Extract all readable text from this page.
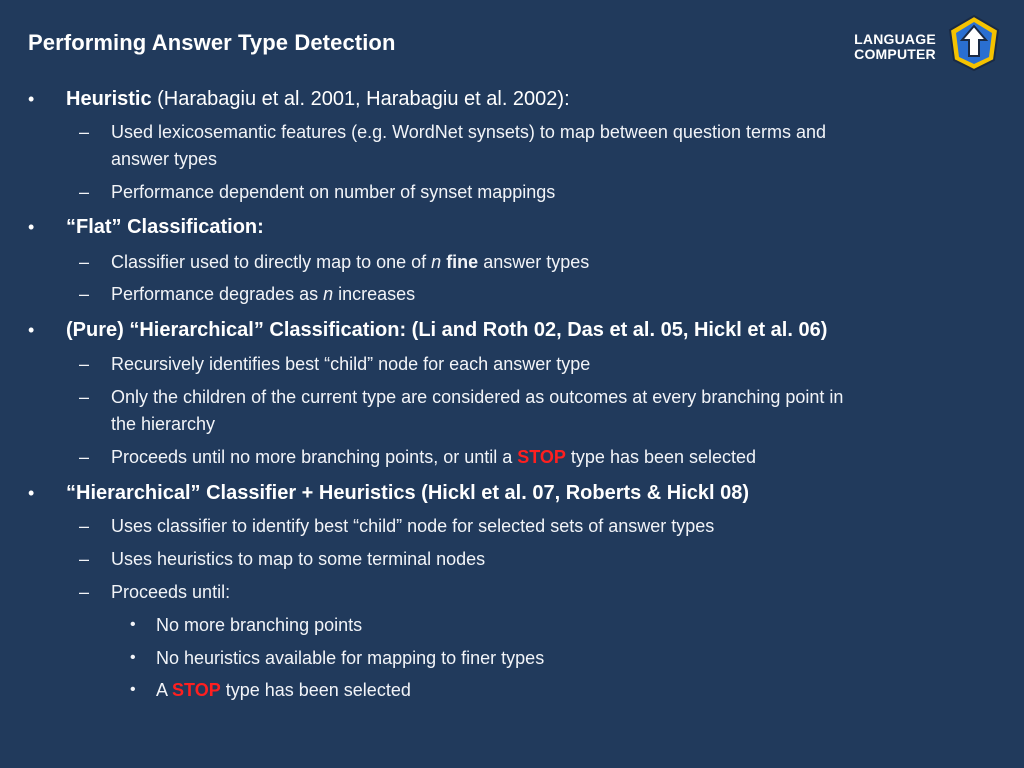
Performing Answer Type Detection	LANGUAGE
COMPUTER
• Heuristic (Harabagiu et al. 2001, Harabagiu et al. 2002):
– Used lexicosemantic features (e.g. WordNet synsets) to map between question terms and
answer types
– Performance dependent on number of synset mappings
• “Flat” Classification:
– Classifier used to directly map to one of n fine answer types
– Performance degrades as n increases
• (Pure) “Hierarchical” Classification: (Li and Roth 02, Das et al. 05, Hickl et al. 06)
– Recursively identifies best “child” node for each answer type
– Only the children of the current type are considered as outcomes at every branching point in
the hierarchy
– Proceeds until no more branching points, or until a STOP type has been selected
• “Hierarchical” Classifier + Heuristics (Hickl et al. 07, Roberts & Hickl 08)
– Uses classifier to identify best “child” node for selected sets of answer types
– Uses heuristics to map to some terminal nodes
– Proceeds until:
• No more branching points
• No heuristics available for mapping to finer types
• A STOP type has been selected
